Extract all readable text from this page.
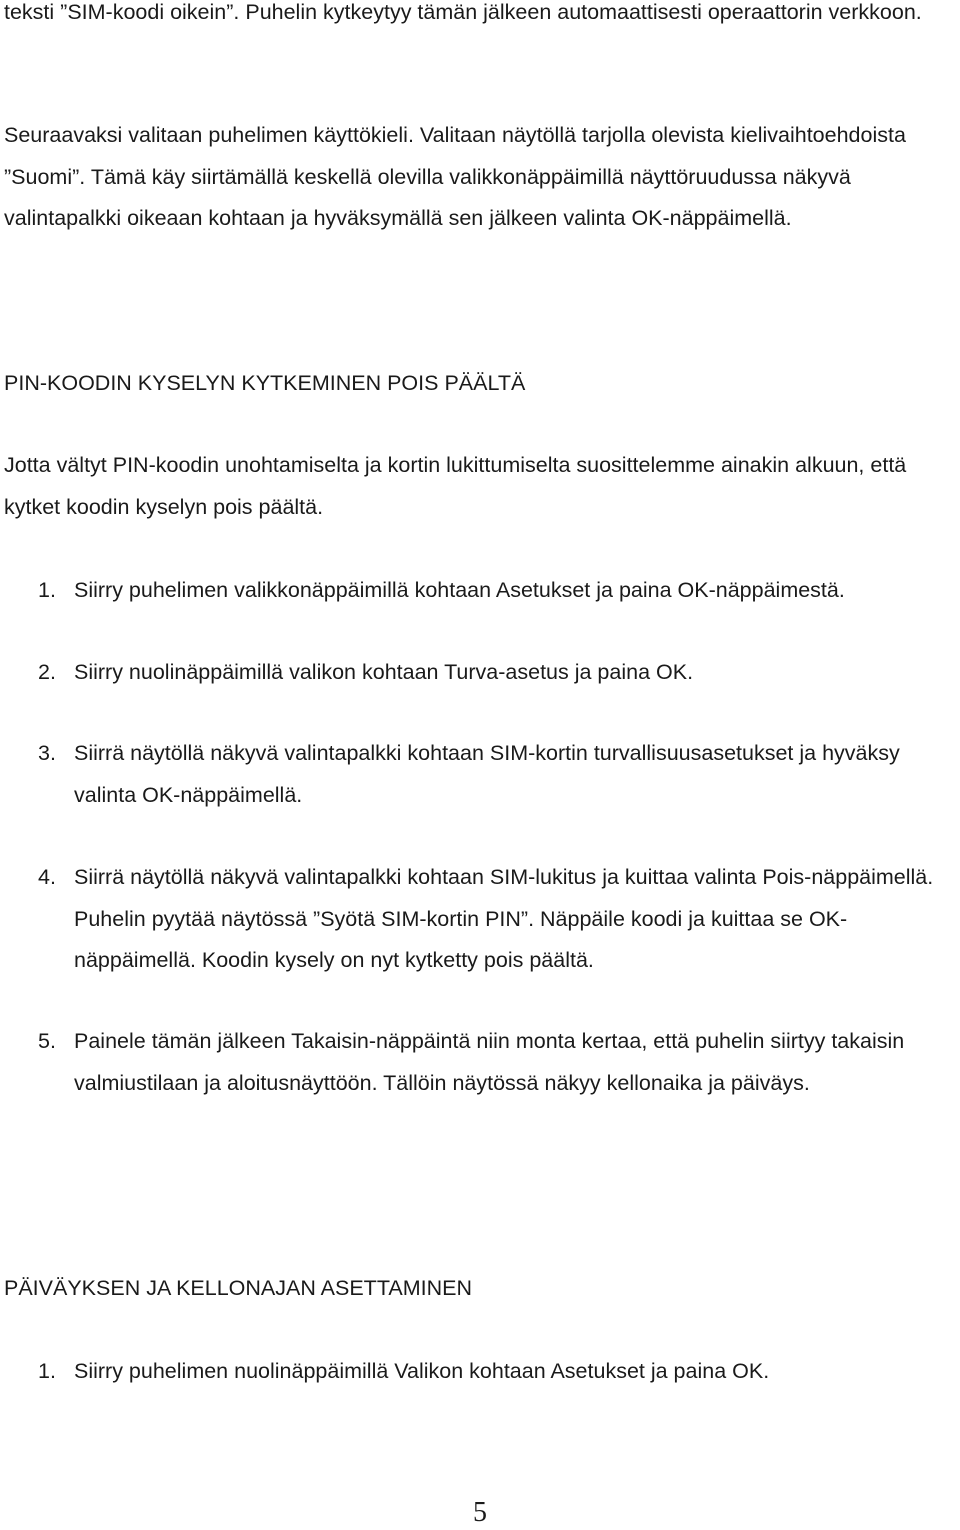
teksti ”SIM-koodi oikein”. Puhelin kytkeytyy tämän jälkeen automaattisesti operaattorin verkkoon.

Seuraavaksi valitaan puhelimen käyttökieli. Valitaan näytöllä tarjolla olevista kielivaihtoehdoista ”Suomi”. Tämä käy siirtämällä keskellä olevilla valikkonäppäimillä näyttöruudussa näkyvä valintapalkki oikeaan kohtaan ja hyväksymällä sen jälkeen valinta OK-näppäimellä.

PIN-KOODIN KYSELYN KYTKEMINEN POIS PÄÄLTÄ

Jotta vältyt PIN-koodin unohtamiselta ja kortin lukittumiselta suosittelemme ainakin alkuun, että kytket koodin kyselyn pois päältä.

1. Siirry puhelimen valikkonäppäimillä kohtaan Asetukset ja paina OK-näppäimestä.
2. Siirry nuolinäppäimillä valikon kohtaan Turva-asetus ja paina OK.
3. Siirrä näytöllä näkyvä valintapalkki kohtaan SIM-kortin turvallisuusasetukset ja hyväksy valinta OK-näppäimellä.
4. Siirrä näytöllä näkyvä valintapalkki kohtaan SIM-lukitus ja kuittaa valinta Pois-näppäimellä. Puhelin pyytää näytössä ”Syötä SIM-kortin PIN”. Näppäile koodi ja kuittaa se OK-näppäimellä. Koodin kysely on nyt kytketty pois päältä.
5. Painele tämän jälkeen Takaisin-näppäintä niin monta kertaa, että puhelin siirtyy takaisin valmiustilaan ja aloitusnäyttöön. Tällöin näytössä näkyy kellonaika ja päiväys.
PÄIVÄYKSEN JA KELLONAJAN ASETTAMINEN
1. Siirry puhelimen nuolinäppäimillä Valikon kohtaan Asetukset ja paina OK.
5
